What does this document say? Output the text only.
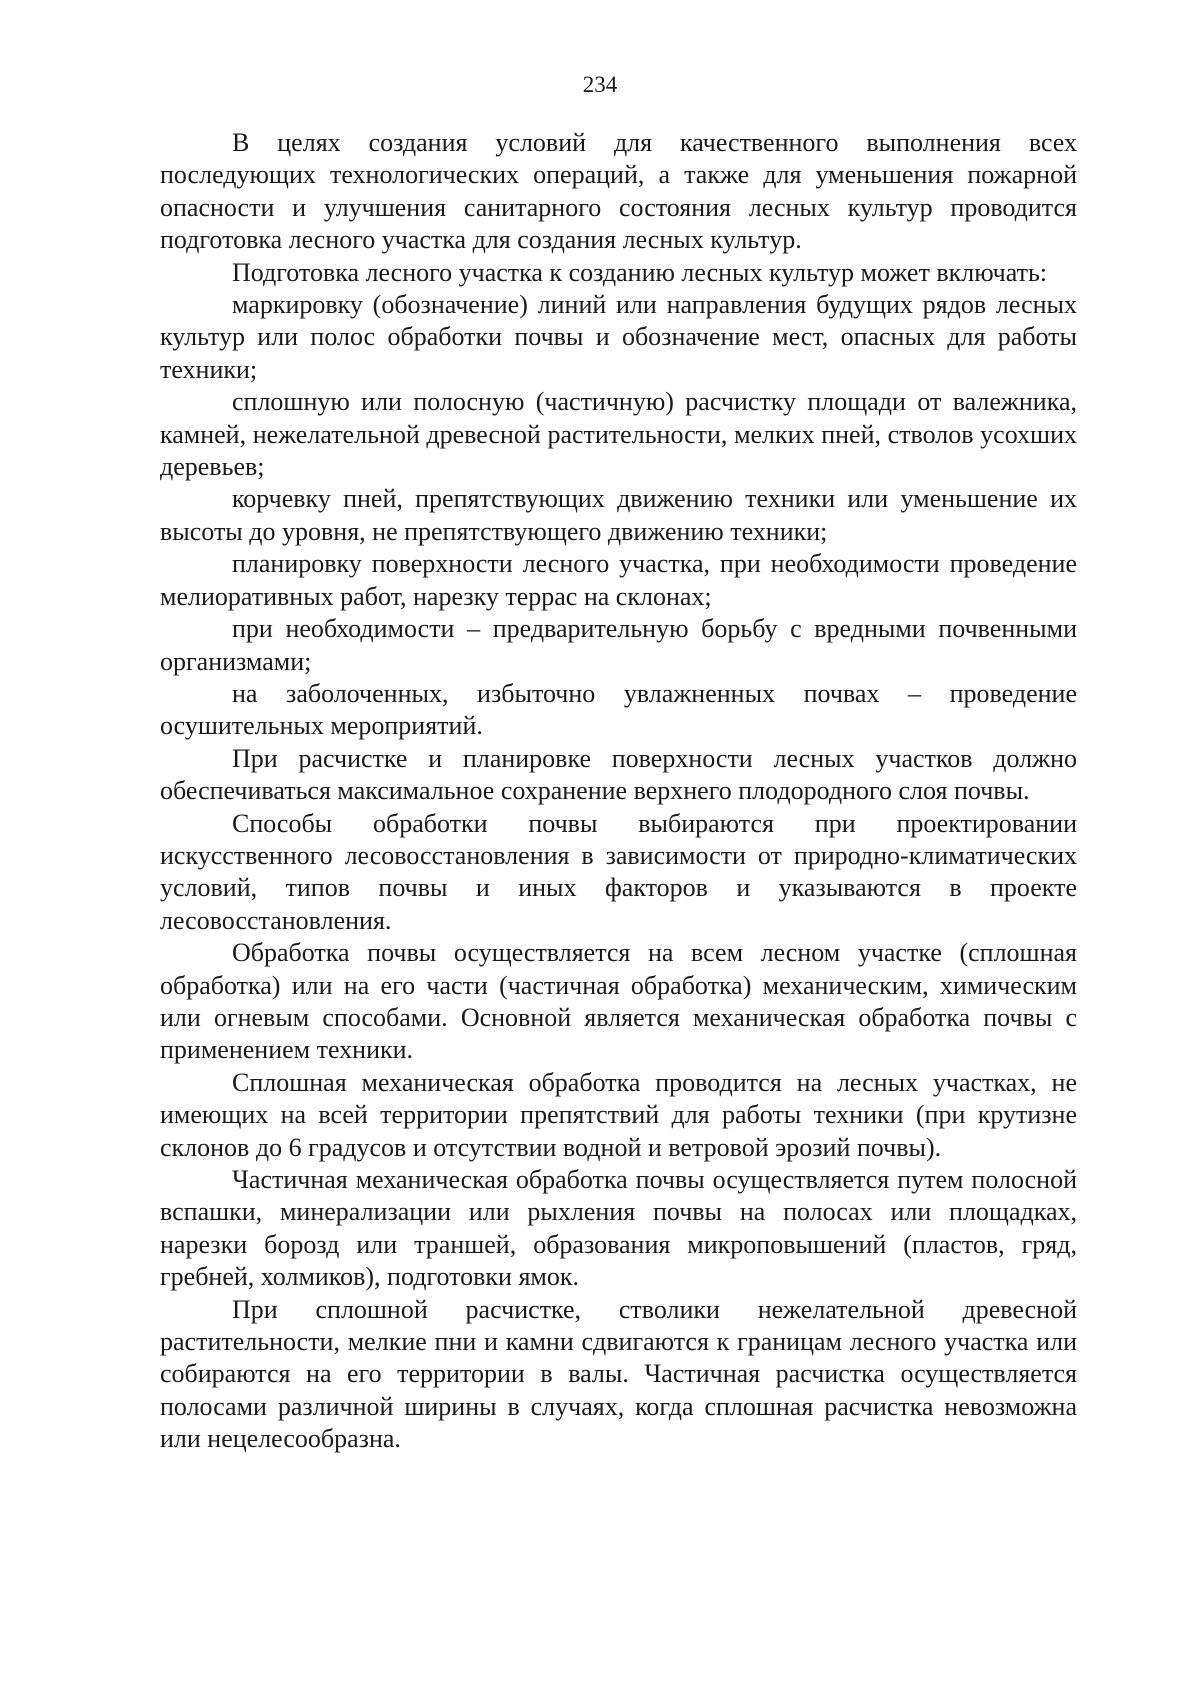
234

В целях создания условий для качественного выполнения всех последующих технологических операций, а также для уменьшения пожарной опасности и улучшения санитарного состояния лесных культур проводится подготовка лесного участка для создания лесных культур.

Подготовка лесного участка к созданию лесных культур может включать:

маркировку (обозначение) линий или направления будущих рядов лесных культур или полос обработки почвы и обозначение мест, опасных для работы техники;

сплошную или полосную (частичную) расчистку площади от валежника, камней, нежелательной древесной растительности, мелких пней, стволов усохших деревьев;

корчевку пней, препятствующих движению техники или уменьшение их высоты до уровня, не препятствующего движению техники;

планировку поверхности лесного участка, при необходимости проведение мелиоративных работ, нарезку террас на склонах;

при необходимости – предварительную борьбу с вредными почвенными организмами;

на заболоченных, избыточно увлажненных почвах – проведение осушительных мероприятий.

При расчистке и планировке поверхности лесных участков должно обеспечиваться максимальное сохранение верхнего плодородного слоя почвы.

Способы обработки почвы выбираются при проектировании искусственного лесовосстановления в зависимости от природно-климатических условий, типов почвы и иных факторов и указываются в проекте лесовосстановления.

Обработка почвы осуществляется на всем лесном участке (сплошная обработка) или на его части (частичная обработка) механическим, химическим или огневым способами. Основной является механическая обработка почвы с применением техники.

Сплошная механическая обработка проводится на лесных участках, не имеющих на всей территории препятствий для работы техники (при крутизне склонов до 6 градусов и отсутствии водной и ветровой эрозий почвы).

Частичная механическая обработка почвы осуществляется путем полосной вспашки, минерализации или рыхления почвы на полосах или площадках, нарезки борозд или траншей, образования микроповышений (пластов, гряд, гребней, холмиков), подготовки ямок.

При сплошной расчистке, стволики нежелательной древесной растительности, мелкие пни и камни сдвигаются к границам лесного участка или собираются на его территории в валы. Частичная расчистка осуществляется полосами различной ширины в случаях, когда сплошная расчистка невозможна или нецелесообразна.
